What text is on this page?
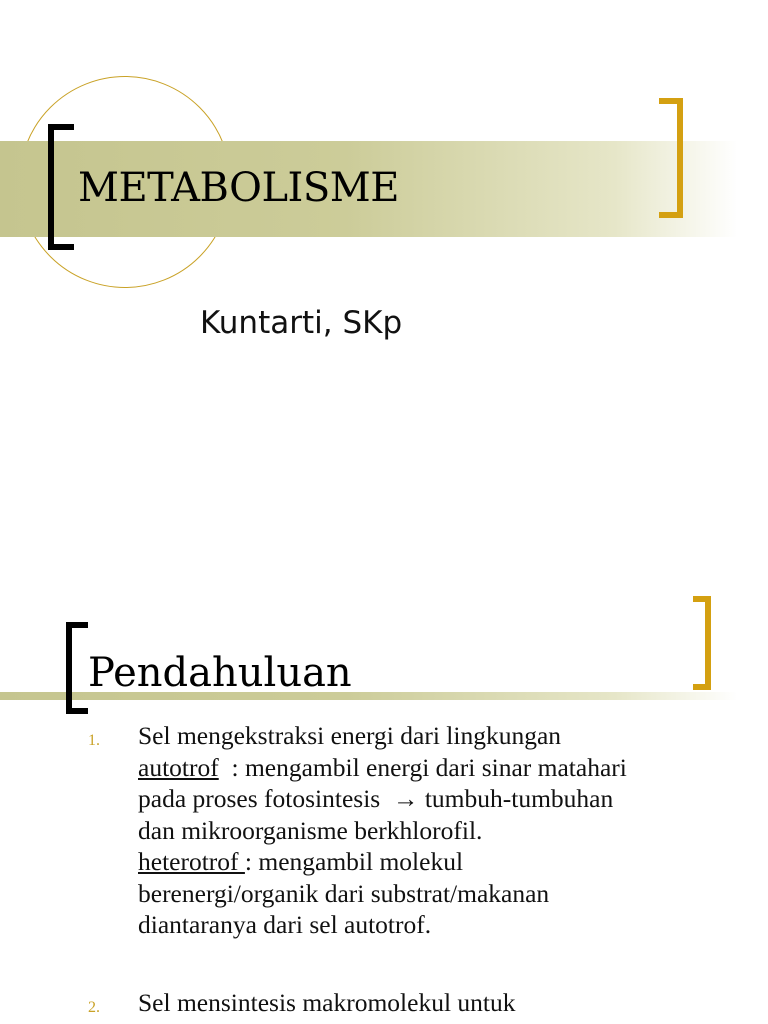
METABOLISME
Kuntarti, SKp
Pendahuluan
1. Sel mengekstraksi energi dari lingkungan
autotrof  : mengambil energi dari sinar matahari
pada proses fotosintesis  → tumbuh-tumbuhan
dan mikroorganisme berkhlorofil.
heterotrof : mengambil molekul
berenergi/organik dari substrat/makanan
diantaranya dari sel autotrof.
2. Sel mensintesis makromolekul untuk
